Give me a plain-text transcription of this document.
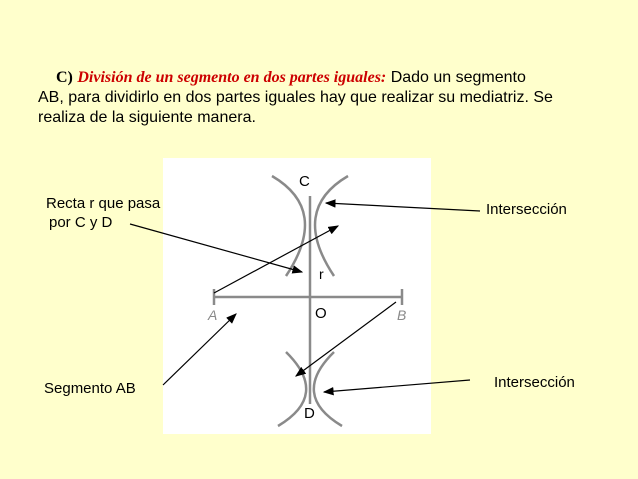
C) División de un segmento en dos partes iguales: Dado un segmento
AB, para dividirlo en dos partes iguales hay que realizar su mediatriz. Se
realiza de la siguiente manera.

C
r
O
A	B
D
Recta r que pasa
por C y D
Intersección
Intersección
Segmento AB
